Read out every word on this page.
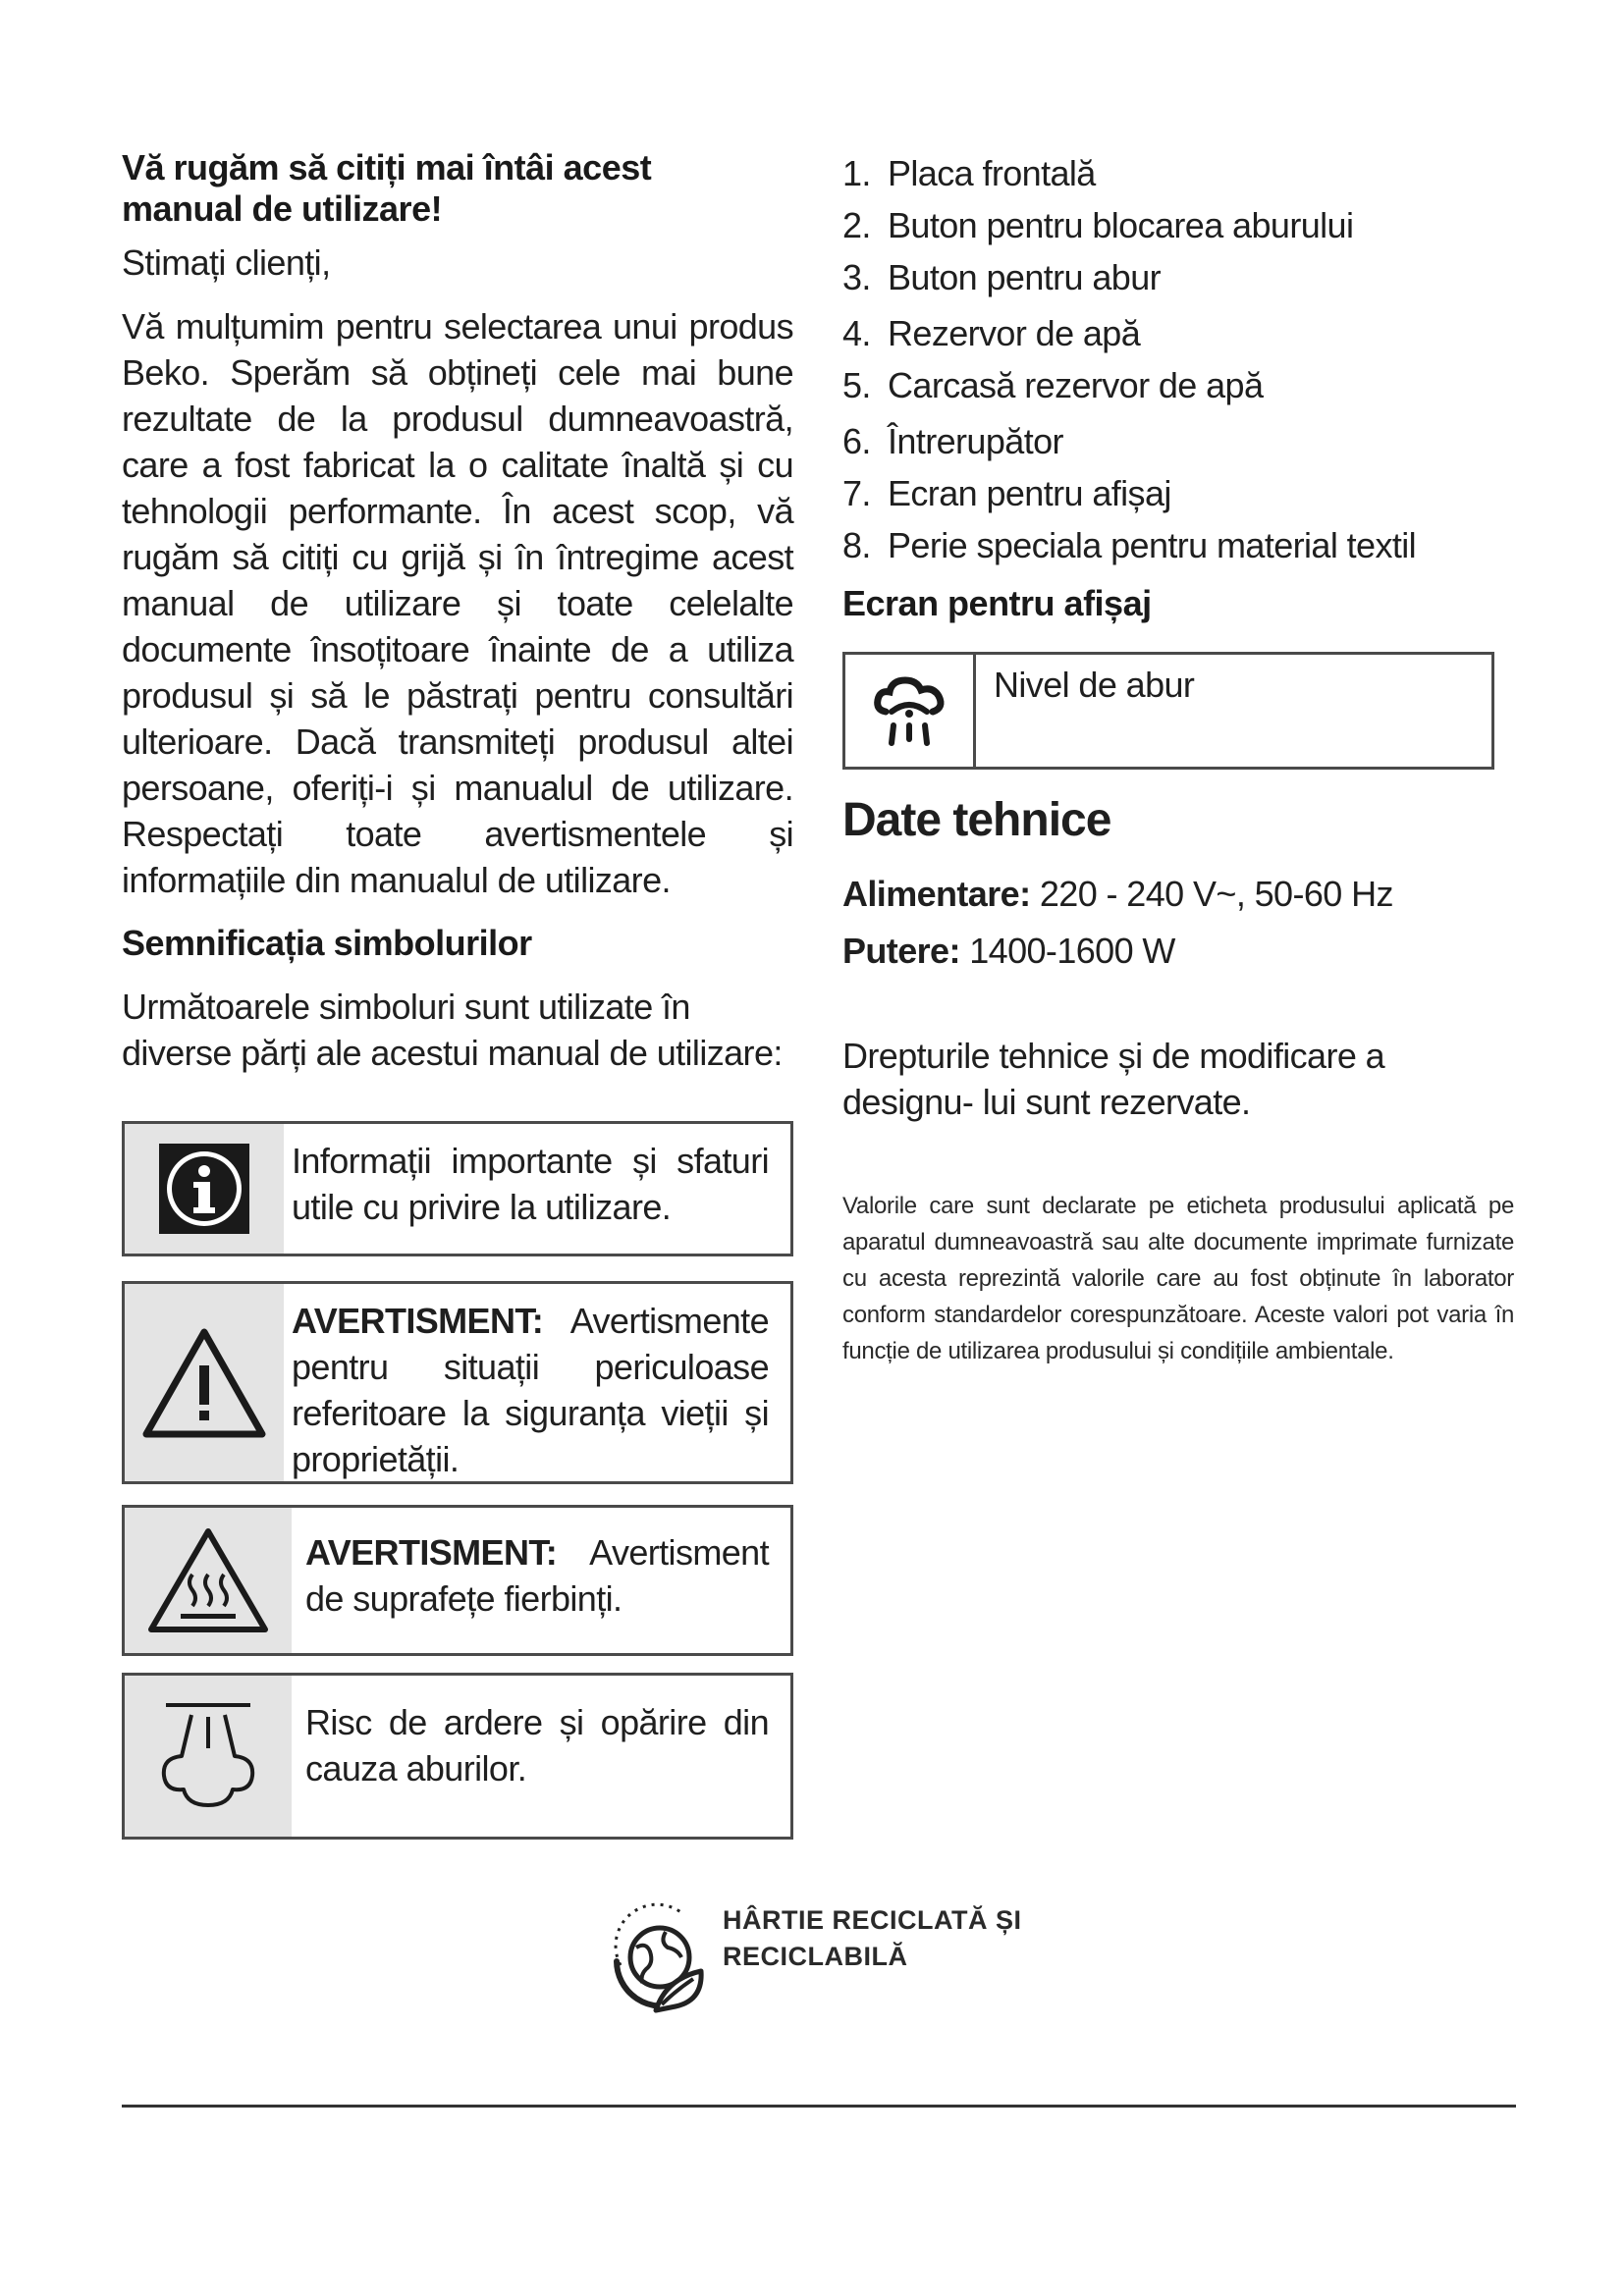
Vă rugăm să citiți mai întâi acest manual de utilizare!

Stimați clienți,

Vă mulțumim pentru selectarea unui produs Beko. Sperăm să obțineți cele mai bune rezultate de la produsul dumneavoastră, care a fost fabricat la o calitate înaltă și cu tehnologii performante. În acest scop, vă rugăm să citiți cu grijă și în întregime acest manual de utilizare și toate celelalte documente însoțitoare înainte de a utiliza produsul și să le păstrați pentru consultări ulterioare. Dacă transmiteți produsul altei persoane, oferiți-i și manualul de utilizare. Respectați toate avertismentele și informațiile din manualul de utilizare.

Semnificația simbolurilor

Următoarele simboluri sunt utilizate în diverse părți ale acestui manual de utilizare:

Informații importante și sfaturi utile cu privire la utilizare.
AVERTISMENT: Avertismente pentru situații periculoase referitoare la siguranța vieții și proprietății.
AVERTISMENT: Avertisment de suprafețe fierbinți.
Risc de ardere și opărire din cauza aburilor.
1. Placa frontală
2. Buton pentru blocarea aburului
3. Buton pentru abur
4. Rezervor de apă
5. Carcasă rezervor de apă
6. Întrerupător
7. Ecran pentru afișaj
8. Perie speciala pentru material textil

Ecran pentru afișaj

Nivel de abur
Date tehnice

Alimentare: 220 - 240 V~, 50-60 Hz

Putere: 1400-1600 W

Drepturile tehnice și de modificare a designu- lui sunt rezervate.

Valorile care sunt declarate pe eticheta produsului aplicată pe aparatul dumneavoastră sau alte documente imprimate furnizate cu acesta reprezintă valorile care au fost obținute în laborator conform standardelor corespunzătoare. Aceste valori pot varia în funcție de utilizarea produsului și condițiile ambientale.

HÂRTIE RECICLATĂ ȘI
RECICLABILĂ
